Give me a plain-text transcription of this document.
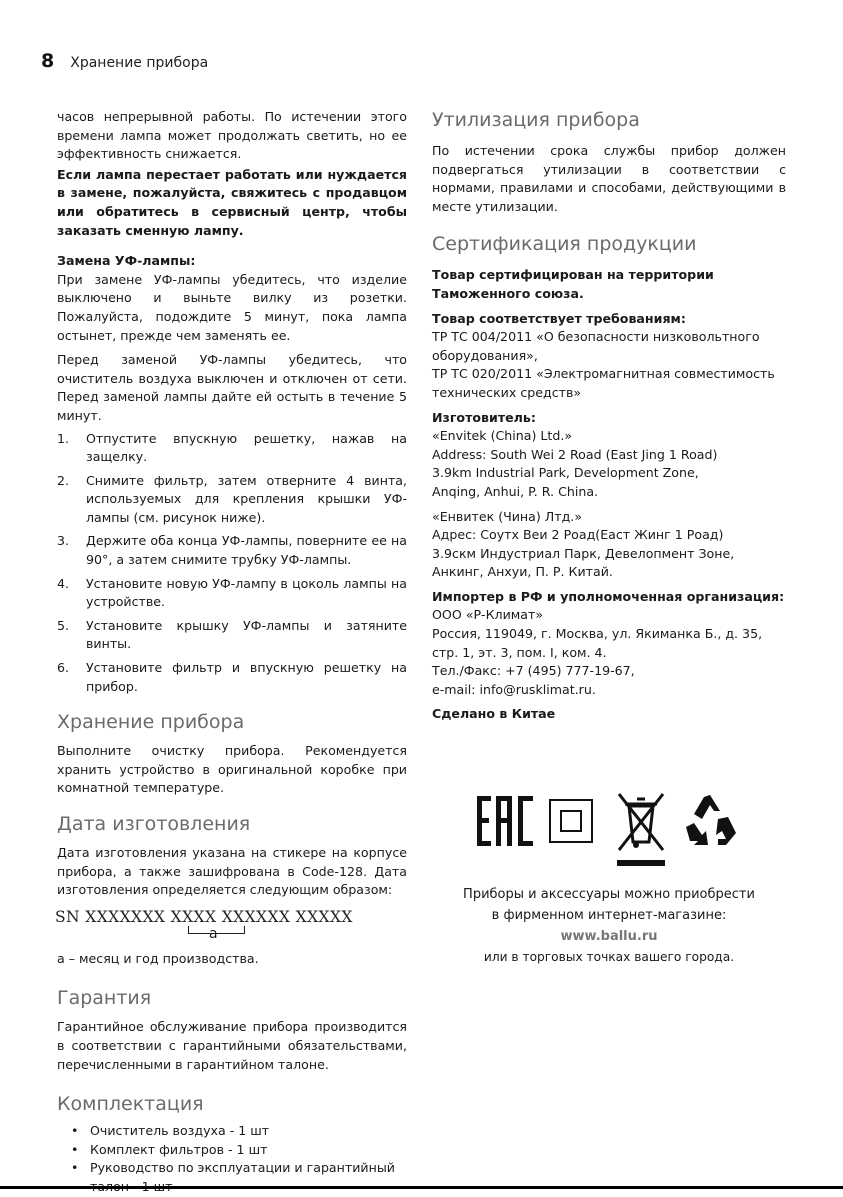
8 Хранение прибора

часов непрерывной работы. По истечении этого времени лампа может продолжать светить, но ее эффективность снижается.

Если лампа перестает работать или нуждается в замене, пожалуйста, свяжитесь с продавцом или обратитесь в сервисный центр, чтобы заказать сменную лампу.

Замена УФ-лампы:

При замене УФ-лампы убедитесь, что изделие выключено и выньте вилку из розетки. Пожалуйста, подождите 5 минут, пока лампа остынет, прежде чем заменять ее.

Перед заменой УФ-лампы убедитесь, что очиститель воздуха выключен и отключен от сети. Перед заменой лампы дайте ей остыть в течение 5 минут.

1.	Отпустите впускную решетку, нажав на защелку.
2.	Снимите фильтр, затем отверните 4 винта, используемых для крепления крышки УФ-лампы (см. рисунок ниже).
3.	Держите оба конца УФ-лампы, поверните ее на 90°, а затем снимите трубку УФ-лампы.
4.	Установите новую УФ-лампу в цоколь лампы на устройстве.
5.	Установите крышку УФ-лампы и затяните винты.
6.	Установите фильтр и впускную решетку на прибор.
Хранение прибора

Выполните очистку прибора. Рекомендуется хранить устройство в оригинальной коробке при комнатной температуре.

Дата изготовления

Дата изготовления указана на стикере на корпусе прибора, а также зашифрована в Code-128. Дата изготовления определяется следующим образом:

SN XXXXXXX XXXX XXXXXX XXXXX
a

а – месяц и год производства.

Гарантия

Гарантийное обслуживание прибора производится в соответствии с гарантийными обязательствами, перечисленными в гарантийном талоне.

Комплектация
• Очиститель воздуха - 1 шт
• Комплект фильтров - 1 шт
• Руководство по эксплуатации и гарантийный
Утилизация прибора

По истечении срока службы прибор должен подвергаться утилизации в соответствии с нормами, правилами и способами, действующими в месте утилизации.

Сертификация продукции

Товар сертифицирован на территории Таможенного союза.

Товар соответствует требованиям:

ТР ТС 004/2011 «О безопасности низковольтного оборудования»,

ТР ТС 020/2011 «Электромагнитная совместимость технических средств»

Изготовитель:

«Envitek (China) Ltd.»

Address: South Wei 2 Road (East Jing 1 Road)

3.9km Industrial Park, Development Zone,

Anqing, Anhui, P. R. China.

«Енвитек (Чина) Лтд.»

Адрес: Соутх Веи 2 Роад(Еаст Жинг 1 Роад)

3.9скм Индустриал Парк, Девелопмент Зоне,

Анкинг, Анхуи, П. Р. Китай.

Импортер в РФ и уполномоченная организация:

ООО «Р-Климат»

Россия, 119049, г. Москва, ул. Якиманка Б., д. 35,

стр. 1, эт. 3, пом. I, ком. 4.

Тел./Факс: +7 (495) 777-19-67,

e-mail: info@rusklimat.ru.

Сделано в Китае

Приборы и аксессуары можно приобрести

в фирменном интернет-магазине:

www.ballu.ru

или в торговых точках вашего города.
